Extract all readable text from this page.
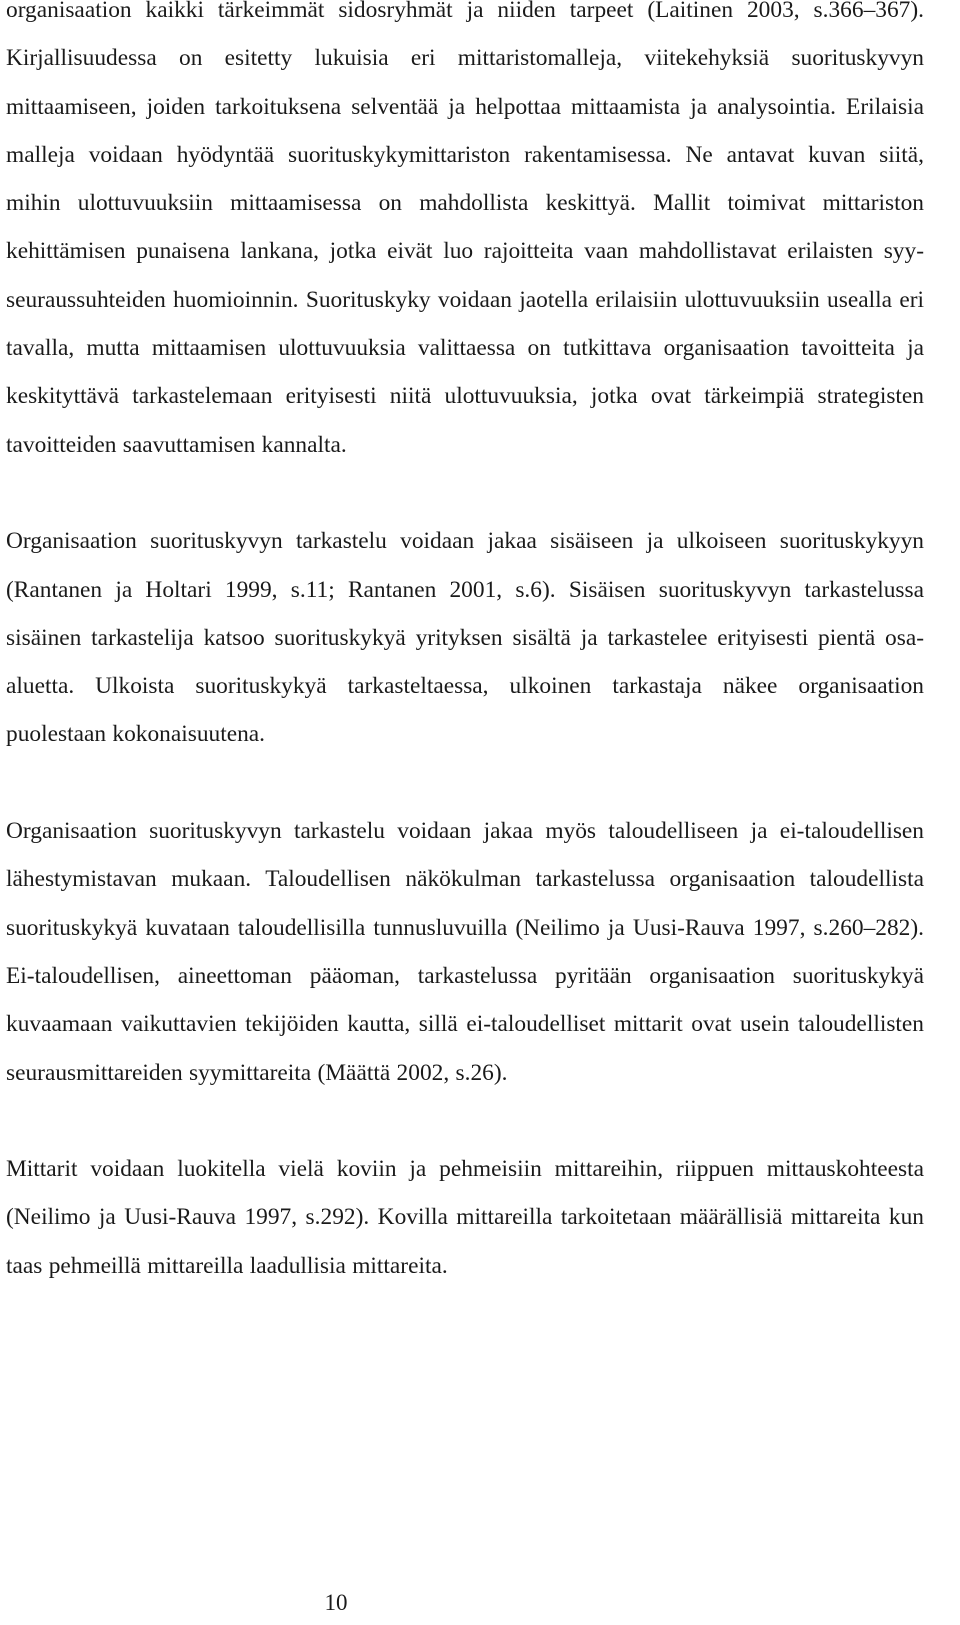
organisaation kaikki tärkeimmät sidosryhmät ja niiden tarpeet (Laitinen 2003, s.366–367). Kirjallisuudessa on esitetty lukuisia eri mittaristomalleja, viitekehyksiä suorituskyvyn mittaamiseen, joiden tarkoituksena selventää ja helpottaa mittaamista ja analysointia. Erilaisia malleja voidaan hyödyntää suorituskykymittariston rakentamisessa. Ne antavat kuvan siitä, mihin ulottuvuuksiin mittaamisessa on mahdollista keskittyä. Mallit toimivat mittariston kehittämisen punaisena lankana, jotka eivät luo rajoitteita vaan mahdollistavat erilaisten syy-seuraussuhteiden huomioinnin. Suorituskyky voidaan jaotella erilaisiin ulottuvuuksiin usealla eri tavalla, mutta mittaamisen ulottuvuuksia valittaessa on tutkittava organisaation tavoitteita ja keskityttävä tarkastelemaan erityisesti niitä ulottuvuuksia, jotka ovat tärkeimpiä strategisten tavoitteiden saavuttamisen kannalta.

Organisaation suorituskyvyn tarkastelu voidaan jakaa sisäiseen ja ulkoiseen suorituskykyyn (Rantanen ja Holtari 1999, s.11; Rantanen 2001, s.6). Sisäisen suorituskyvyn tarkastelussa sisäinen tarkastelija katsoo suorituskykyä yrityksen sisältä ja tarkastelee erityisesti pientä osa-aluetta. Ulkoista suorituskykyä tarkasteltaessa, ulkoinen tarkastaja näkee organisaation puolestaan kokonaisuutena.

Organisaation suorituskyvyn tarkastelu voidaan jakaa myös taloudelliseen ja ei-taloudellisen lähestymistavan mukaan. Taloudellisen näkökulman tarkastelussa organisaation taloudellista suorituskykyä kuvataan taloudellisilla tunnusluvuilla (Neilimo ja Uusi-Rauva 1997, s.260–282). Ei-taloudellisen, aineettoman pääoman, tarkastelussa pyritään organisaation suorituskykyä kuvaamaan vaikuttavien tekijöiden kautta, sillä ei-taloudelliset mittarit ovat usein taloudellisten seurausmittareiden syymittareita (Määttä 2002, s.26).

Mittarit voidaan luokitella vielä koviin ja pehmeisiin mittareihin, riippuen mittauskohteesta (Neilimo ja Uusi-Rauva 1997, s.292). Kovilla mittareilla tarkoitetaan määrällisiä mittareita kun taas pehmeillä mittareilla laadullisia mittareita.

10
